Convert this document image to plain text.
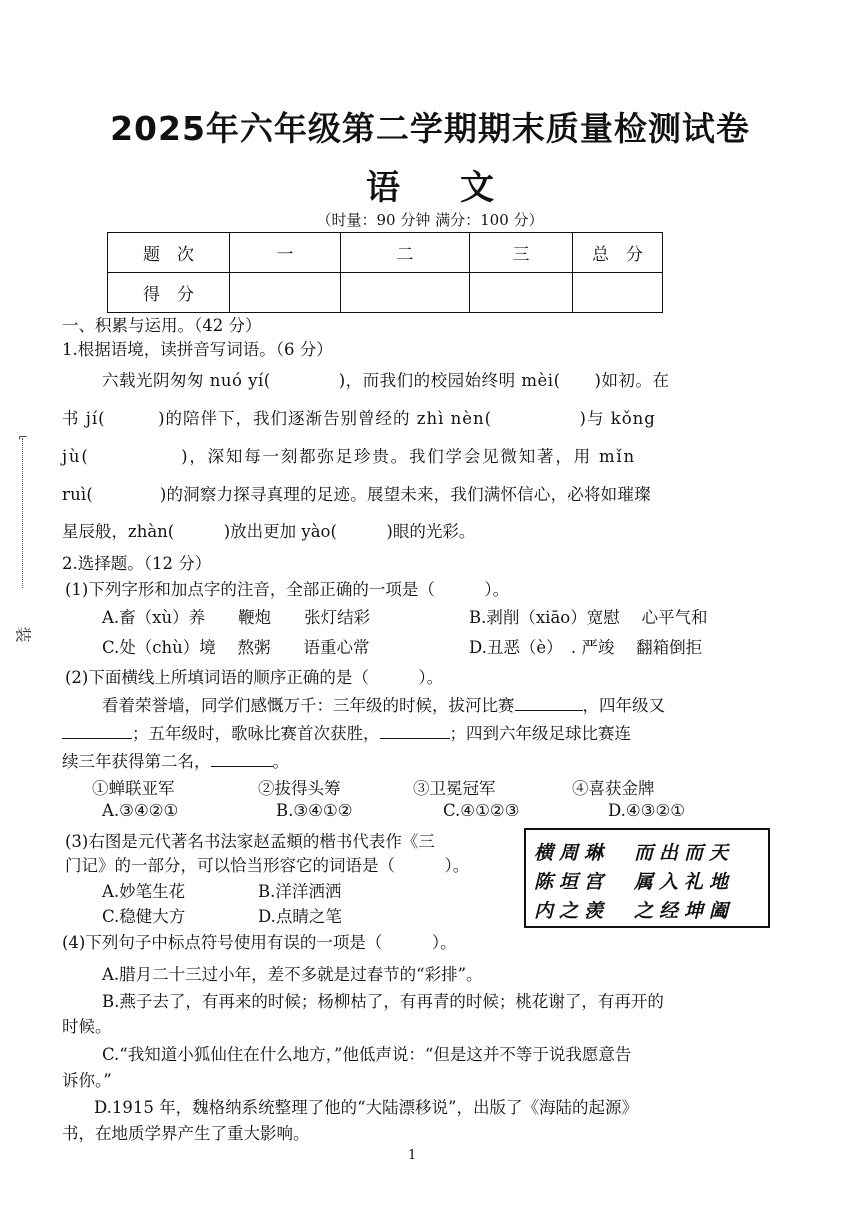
⌐
装
2025年六年级第二学期期末质量检测试卷
语文
（时量：90 分钟 满分：100 分）
题　次	一	二	三	总　分
得　分				
一、积累与运用。（42 分）
1.根据语境，读拼音写词语。（6 分）
六载光阴匆匆 nuó yí(　　　　)，而我们的校园始终明 mèi(　　)如初。在
书 jí(　　　)的陪伴下，我们逐渐告别曾经的 zhì nèn(　　　　　)与 kǒng
jù(　　　　　)，深知每一刻都弥足珍贵。我们学会见微知著，用 mǐn
ruì(　　　　)的洞察力探寻真理的足迹。展望未来，我们满怀信心，必将如璀璨
星辰般，zhàn(　　　)放出更加 yào(　　　)眼的光彩。
2.选择题。（12 分）
(1)下列字形和加点字的注音，全部正确的一项是（　　　）。
A.畜（xù）养　　鞭炮　　张灯结彩	B.剥削（xiāo）宽慰　 心平气和
C.处（chù）境　 熬粥　　语重心常	D.丑恶（è）　. 严竣　 翻箱倒拒
(2)下面横线上所填词语的顺序正确的是（　　　）。
看着荣誉墙，同学们感慨万千：三年级的时候，拔河比赛	，四年级又
；五年级时，歌咏比赛首次获胜，	；四到六年级足球比赛连
续三年获得第二名，	。
①蝉联亚军	②拔得头筹	③卫冕冠军	④喜获金牌
A.③④②①	B.③④①②	C.④①②③	D.④③②①
(3)右图是元代著名书法家赵孟頫的楷书代表作《三
门记》的一部分，可以恰当形容它的词语是（　　　）。
A.妙笔生花	B.洋洋洒洒
C.稳健大方	D.点睛之笔
横周琳　而出而天
陈垣宫　属入礼地
内之羡　之经坤阖
(4)下列句子中标点符号使用有误的一项是（　　　）。
A.腊月二十三过小年，差不多就是过春节的“彩排”。
B.燕子去了，有再来的时候；杨柳枯了，有再青的时候；桃花谢了，有再开的
时候。
C.“我知道小狐仙住在什么地方，”他低声说：“但是这并不等于说我愿意告
诉你。”
D.1915 年，魏格纳系统整理了他的“大陆漂移说”，出版了《海陆的起源》
书，在地质学界产生了重大影响。
1
